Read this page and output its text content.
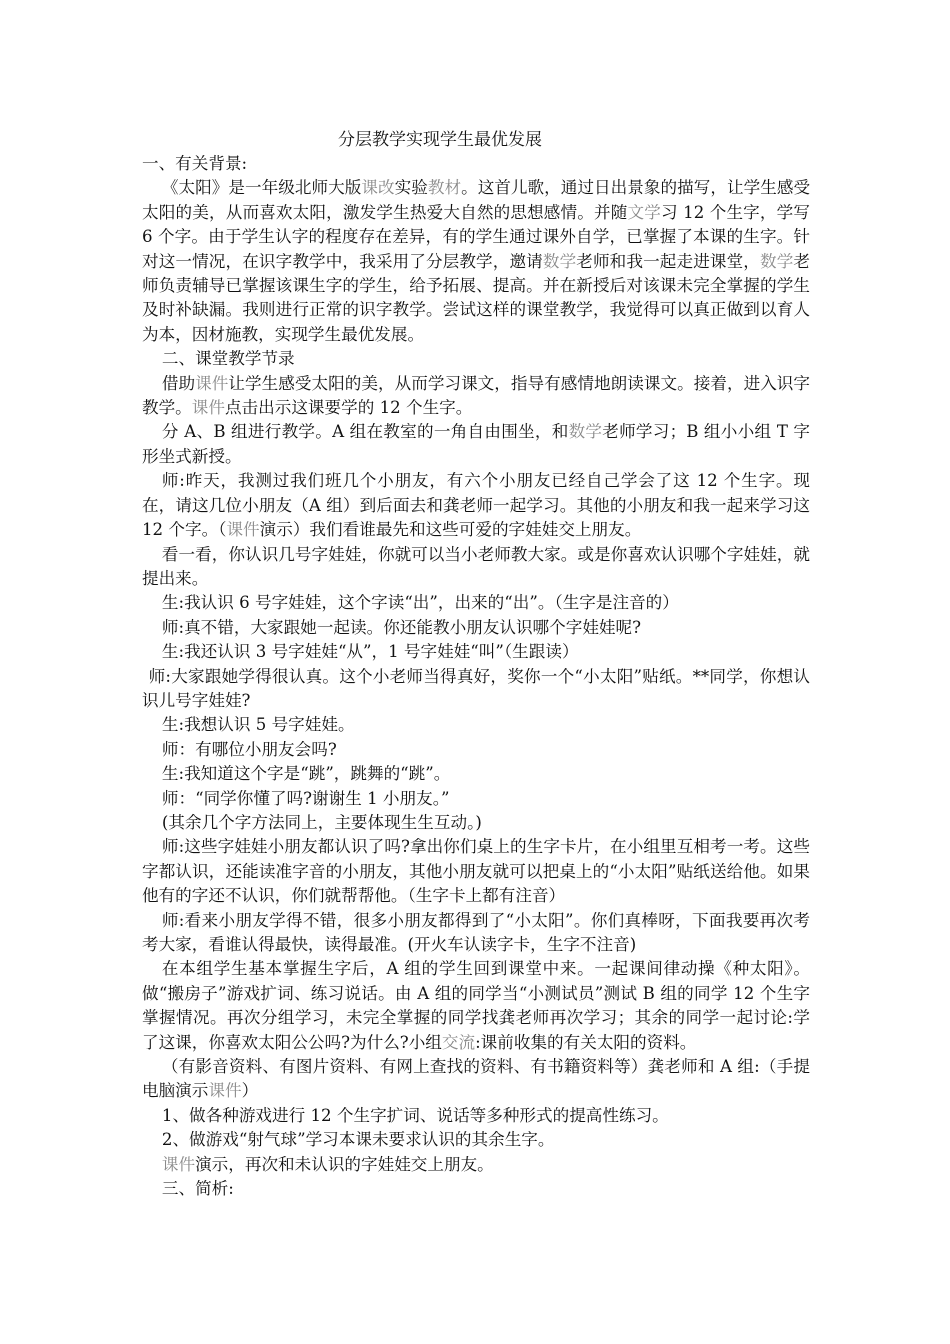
分层教学实现学生最优发展

一、有关背景:

《太阳》是一年级北师大版课改实验教材。这首儿歌，通过日出景象的描写，让学生感受太阳的美，从而喜欢太阳，激发学生热爱大自然的思想感情。并随文学习 12 个生字，学写 6 个字。由于学生认字的程度存在差异，有的学生通过课外自学，已掌握了本课的生字。针对这一情况，在识字教学中，我采用了分层教学，邀请数学老师和我一起走进课堂，数学老师负责辅导已掌握该课生字的学生，给予拓展、提高。并在新授后对该课未完全掌握的学生及时补缺漏。我则进行正常的识字教学。尝试这样的课堂教学，我觉得可以真正做到以育人为本，因材施教，实现学生最优发展。

二、课堂教学节录

借助课件让学生感受太阳的美，从而学习课文，指导有感情地朗读课文。接着，进入识字教学。课件点击出示这课要学的 12 个生字。

分 A、B 组进行教学。A 组在教室的一角自由围坐，和数学老师学习；B 组小小组 T 字形坐式新授。

师:昨天，我测过我们班几个小朋友，有六个小朋友已经自己学会了这 12 个生字。现在，请这几位小朋友（A 组）到后面去和龚老师一起学习。其他的小朋友和我一起来学习这 12 个字。（课件演示）我们看谁最先和这些可爱的字娃娃交上朋友。

看一看，你认识几号字娃娃，你就可以当小老师教大家。或是你喜欢认识哪个字娃娃，就提出来。

生:我认识 6 号字娃娃，这个字读“出”，出来的“出”。（生字是注音的）

师:真不错，大家跟她一起读。你还能教小朋友认识哪个字娃娃呢?

生:我还认识 3 号字娃娃“从”，1 号字娃娃“叫”（生跟读）

师:大家跟她学得很认真。这个小老师当得真好，奖你一个“小太阳”贴纸。**同学，你想认识儿号字娃娃?

生:我想认识 5 号字娃娃。

师：有哪位小朋友会吗?

生:我知道这个字是“跳”，跳舞的“跳”。

师：“同学你懂了吗?谢谢生 1 小朋友。”

(其余几个字方法同上，主要体现生生互动。)

师:这些字娃娃小朋友都认识了吗?拿出你们桌上的生字卡片，在小组里互相考一考。这些字都认识，还能读准字音的小朋友，其他小朋友就可以把桌上的“小太阳”贴纸送给他。如果他有的字还不认识，你们就帮帮他。（生字卡上都有注音）

师:看来小朋友学得不错，很多小朋友都得到了“小太阳”。你们真棒呀，下面我要再次考考大家，看谁认得最快，读得最准。(开火车认读字卡，生字不注音)

在本组学生基本掌握生字后，A 组的学生回到课堂中来。一起课间律动操《种太阳》。做“搬房子”游戏扩词、练习说话。由 A 组的同学当“小测试员”测试 B 组的同学 12 个生字掌握情况。再次分组学习，未完全掌握的同学找龚老师再次学习；其余的同学一起讨论:学了这课，你喜欢太阳公公吗?为什么?小组交流:课前收集的有关太阳的资料。

（有影音资料、有图片资料、有网上查找的资料、有书籍资料等）龚老师和 A 组:（手提电脑演示课件）

1、做各种游戏进行 12 个生字扩词、说话等多种形式的提高性练习。

2、做游戏“射气球”学习本课未要求认识的其余生字。

课件演示，再次和未认识的字娃娃交上朋友。

三、简析:
